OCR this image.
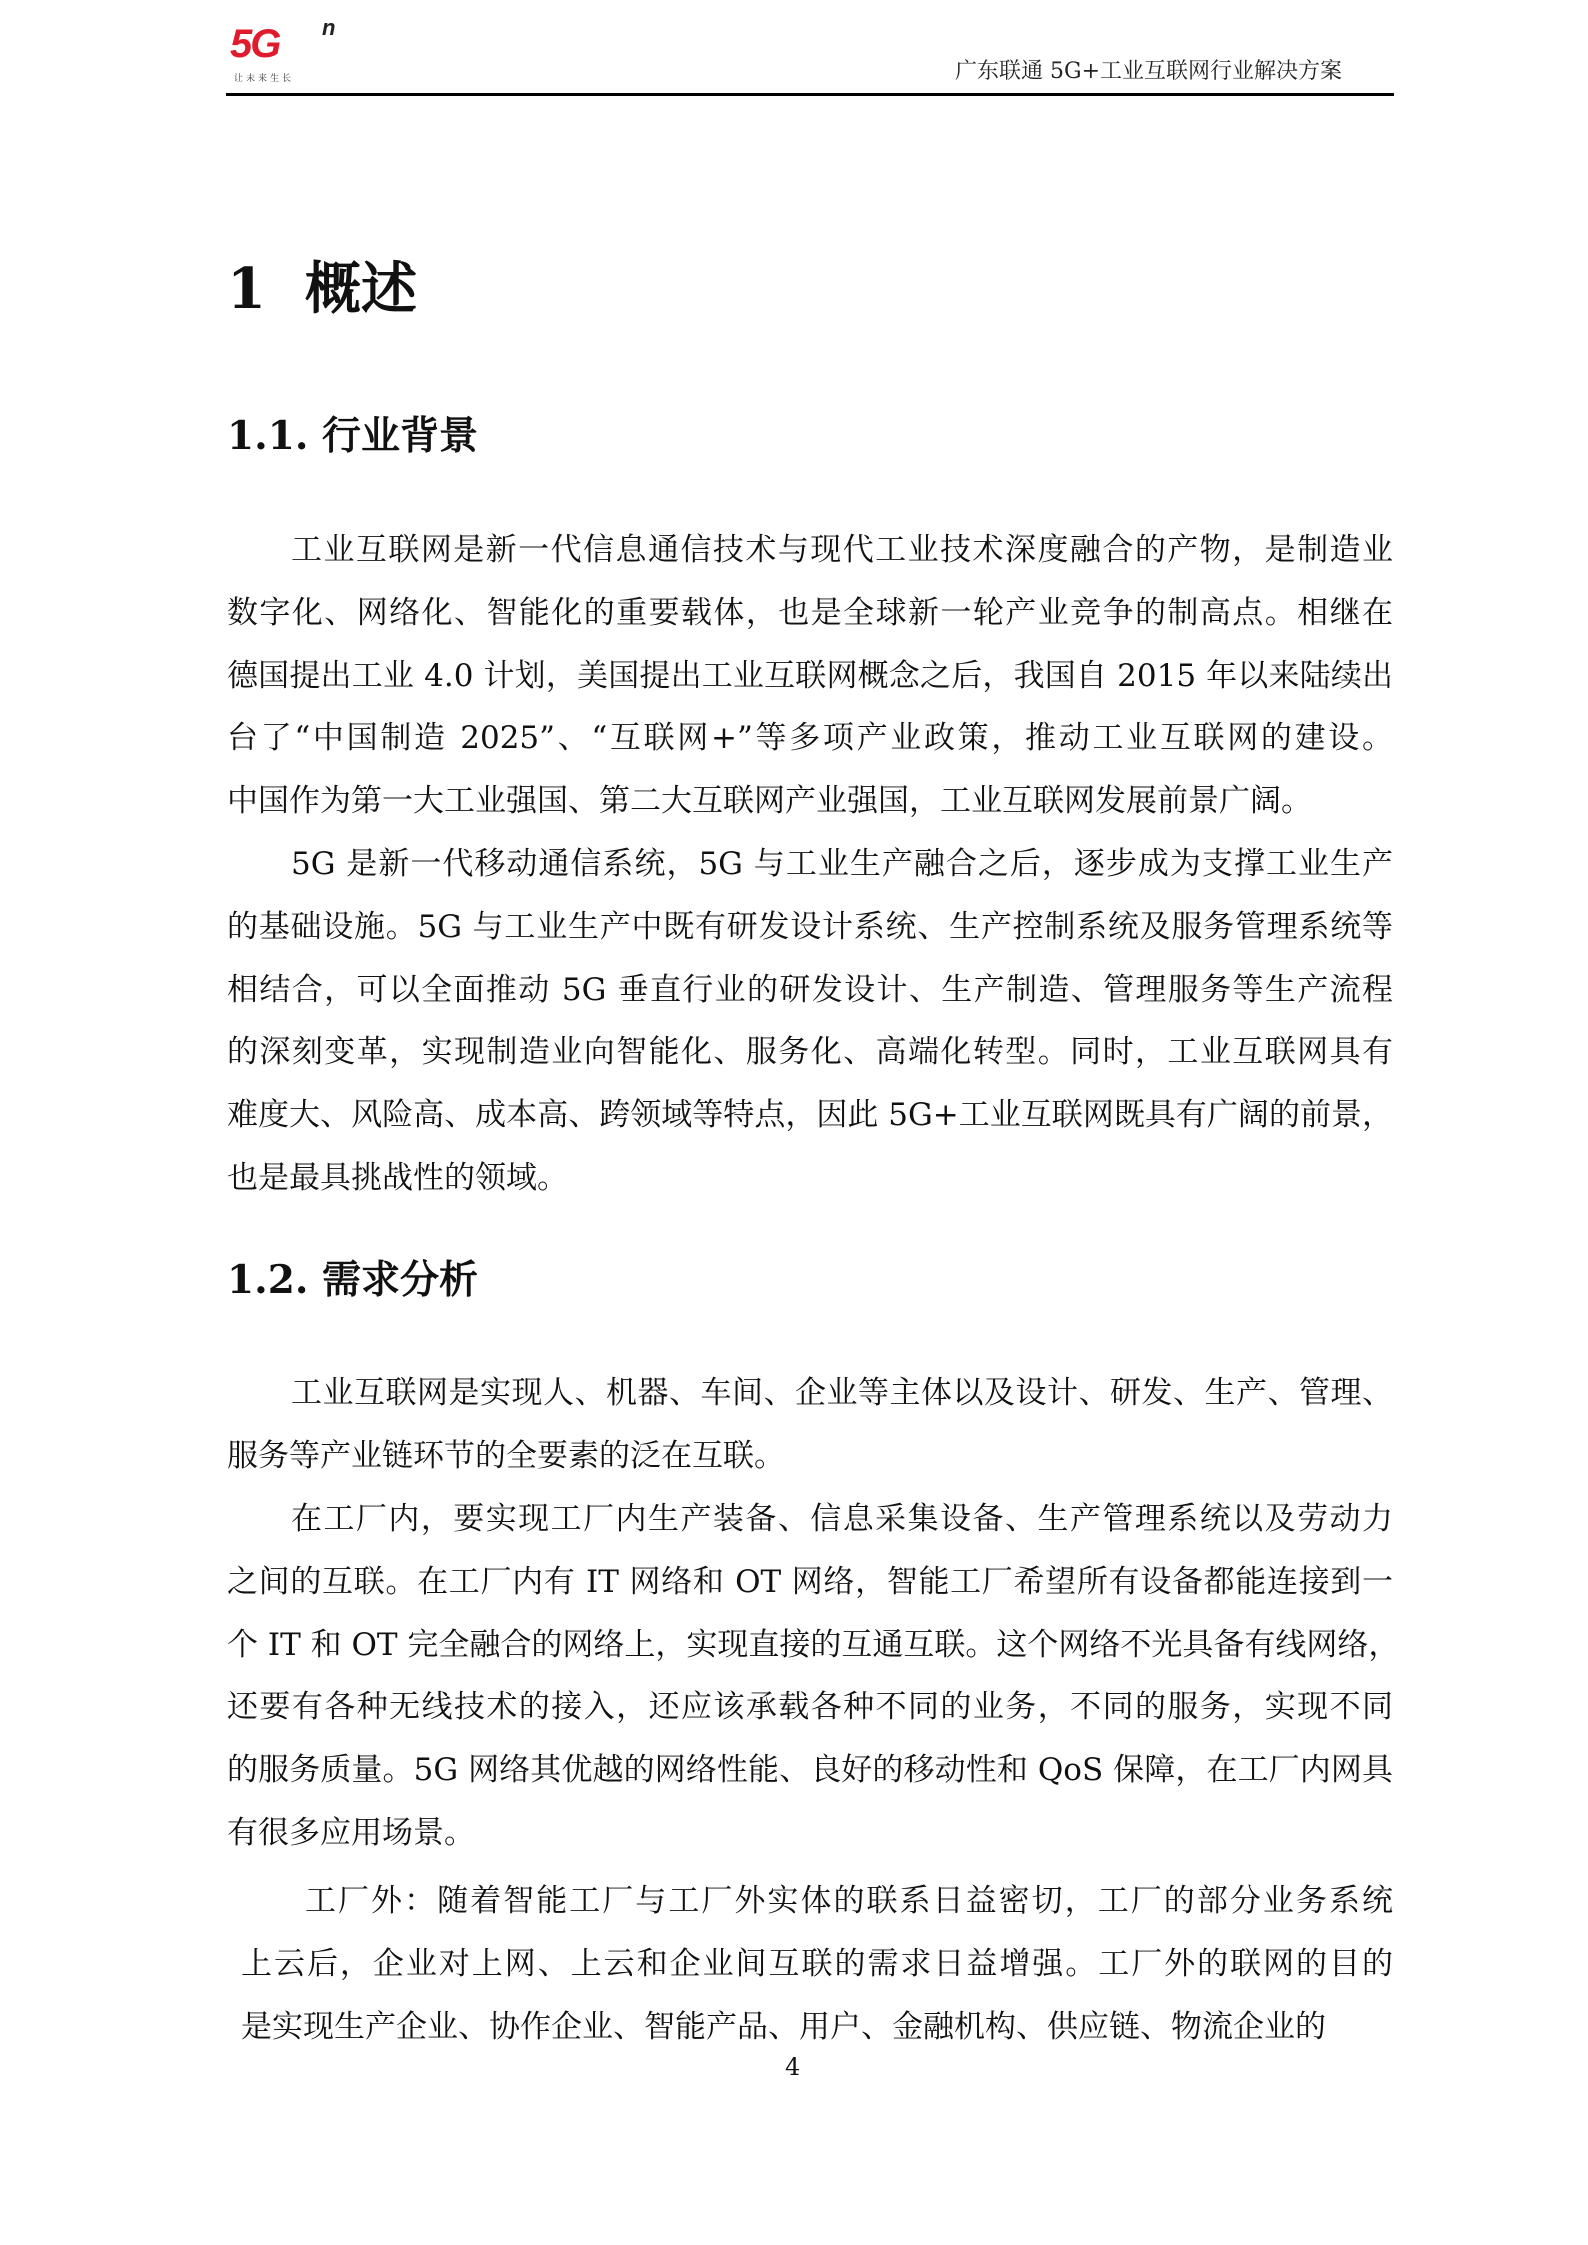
5G n
让未来生长	广东联通 5G+工业互联网行业解决方案
1  概述
1.1. 行业背景
工业互联网是新一代信息通信技术与现代工业技术深度融合的产物，是制造业
数字化、网络化、智能化的重要载体，也是全球新一轮产业竞争的制高点。相继在
德国提出工业 4.0 计划，美国提出工业互联网概念之后，我国自 2015 年以来陆续出
台了“中国制造 2025”、“互联网+”等多项产业政策，推动工业互联网的建设。
中国作为第一大工业强国、第二大互联网产业强国，工业互联网发展前景广阔。
5G 是新一代移动通信系统，5G 与工业生产融合之后，逐步成为支撑工业生产
的基础设施。5G 与工业生产中既有研发设计系统、生产控制系统及服务管理系统等
相结合，可以全面推动 5G 垂直行业的研发设计、生产制造、管理服务等生产流程
的深刻变革，实现制造业向智能化、服务化、高端化转型。同时，工业互联网具有
难度大、风险高、成本高、跨领域等特点，因此 5G+工业互联网既具有广阔的前景，
也是最具挑战性的领域。
1.2. 需求分析
工业互联网是实现人、机器、车间、企业等主体以及设计、研发、生产、管理、
服务等产业链环节的全要素的泛在互联。
在工厂内，要实现工厂内生产装备、信息采集设备、生产管理系统以及劳动力
之间的互联。在工厂内有 IT 网络和 OT 网络，智能工厂希望所有设备都能连接到一
个 IT 和 OT 完全融合的网络上，实现直接的互通互联。这个网络不光具备有线网络，
还要有各种无线技术的接入，还应该承载各种不同的业务，不同的服务，实现不同
的服务质量。5G 网络其优越的网络性能、良好的移动性和 QoS 保障，在工厂内网具
有很多应用场景。
工厂外：随着智能工厂与工厂外实体的联系日益密切，工厂的部分业务系统
上云后，企业对上网、上云和企业间互联的需求日益增强。工厂外的联网的目的
是实现生产企业、协作企业、智能产品、用户、金融机构、供应链、物流企业的
4
